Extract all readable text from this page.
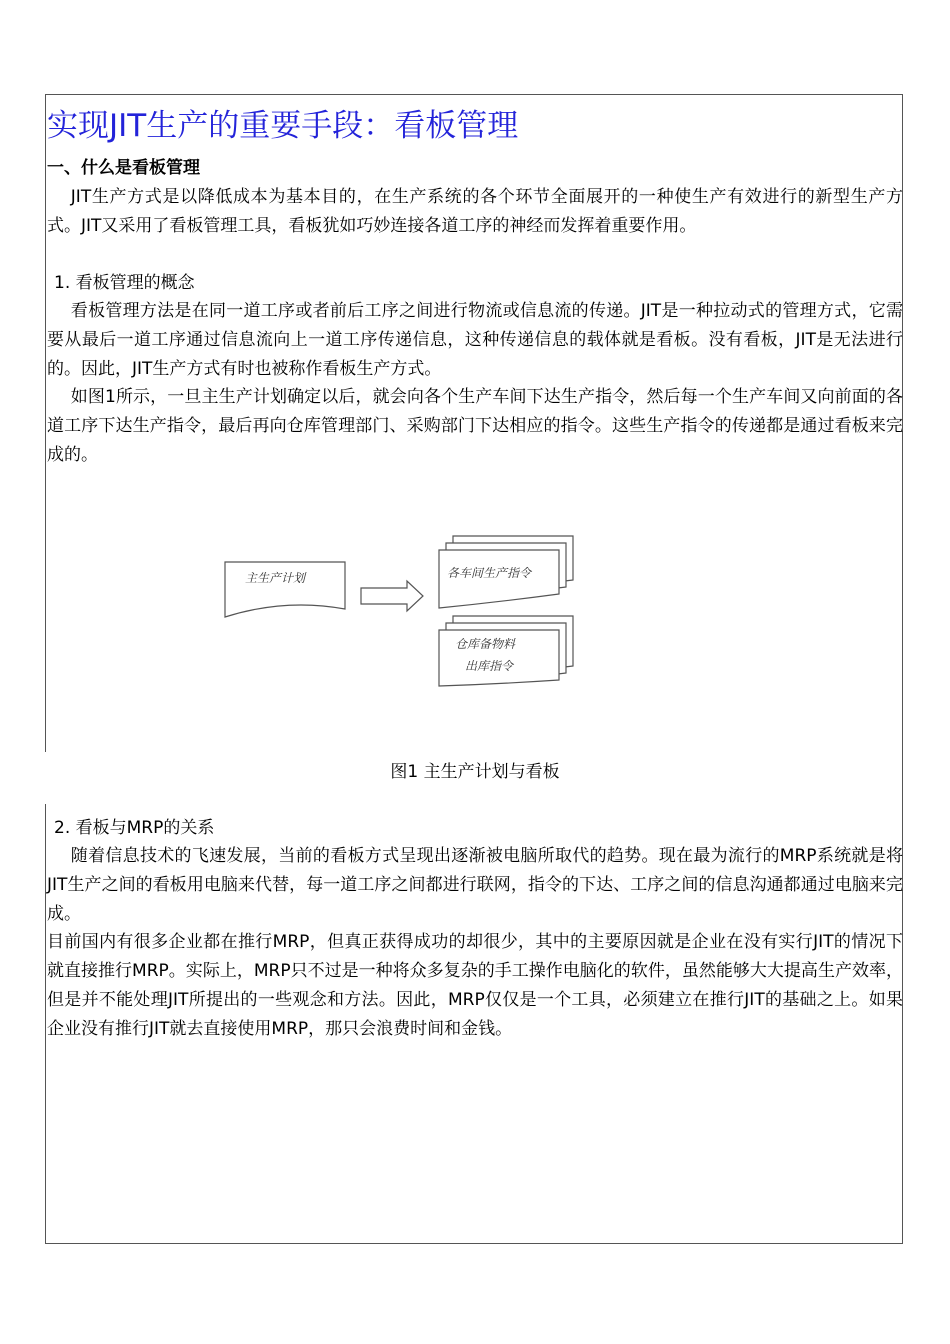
实现JIT生产的重要手段：看板管理
一、什么是看板管理

JIT生产方式是以降低成本为基本目的，在生产系统的各个环节全面展开的一种使生产有效进行的新型生产方式。JIT又采用了看板管理工具，看板犹如巧妙连接各道工序的神经而发挥着重要作用。

1. 看板管理的概念

看板管理方法是在同一道工序或者前后工序之间进行物流或信息流的传递。JIT是一种拉动式的管理方式，它需要从最后一道工序通过信息流向上一道工序传递信息，这种传递信息的载体就是看板。没有看板，JIT是无法进行的。因此，JIT生产方式有时也被称作看板生产方式。

如图1所示，一旦主生产计划确定以后，就会向各个生产车间下达生产指令，然后每一个生产车间又向前面的各道工序下达生产指令，最后再向仓库管理部门、采购部门下达相应的指令。这些生产指令的传递都是通过看板来完成的。

主生产计划	各车间生产指令
仓库备物料
出库指令

图1 主生产计划与看板

2. 看板与MRP的关系

随着信息技术的飞速发展，当前的看板方式呈现出逐渐被电脑所取代的趋势。现在最为流行的MRP系统就是将JIT生产之间的看板用电脑来代替，每一道工序之间都进行联网，指令的下达、工序之间的信息沟通都通过电脑来完成。

目前国内有很多企业都在推行MRP，但真正获得成功的却很少，其中的主要原因就是企业在没有实行JIT的情况下就直接推行MRP。实际上，MRP只不过是一种将众多复杂的手工操作电脑化的软件，虽然能够大大提高生产效率，但是并不能处理JIT所提出的一些观念和方法。因此，MRP仅仅是一个工具，必须建立在推行JIT的基础之上。如果企业没有推行JIT就去直接使用MRP，那只会浪费时间和金钱。
